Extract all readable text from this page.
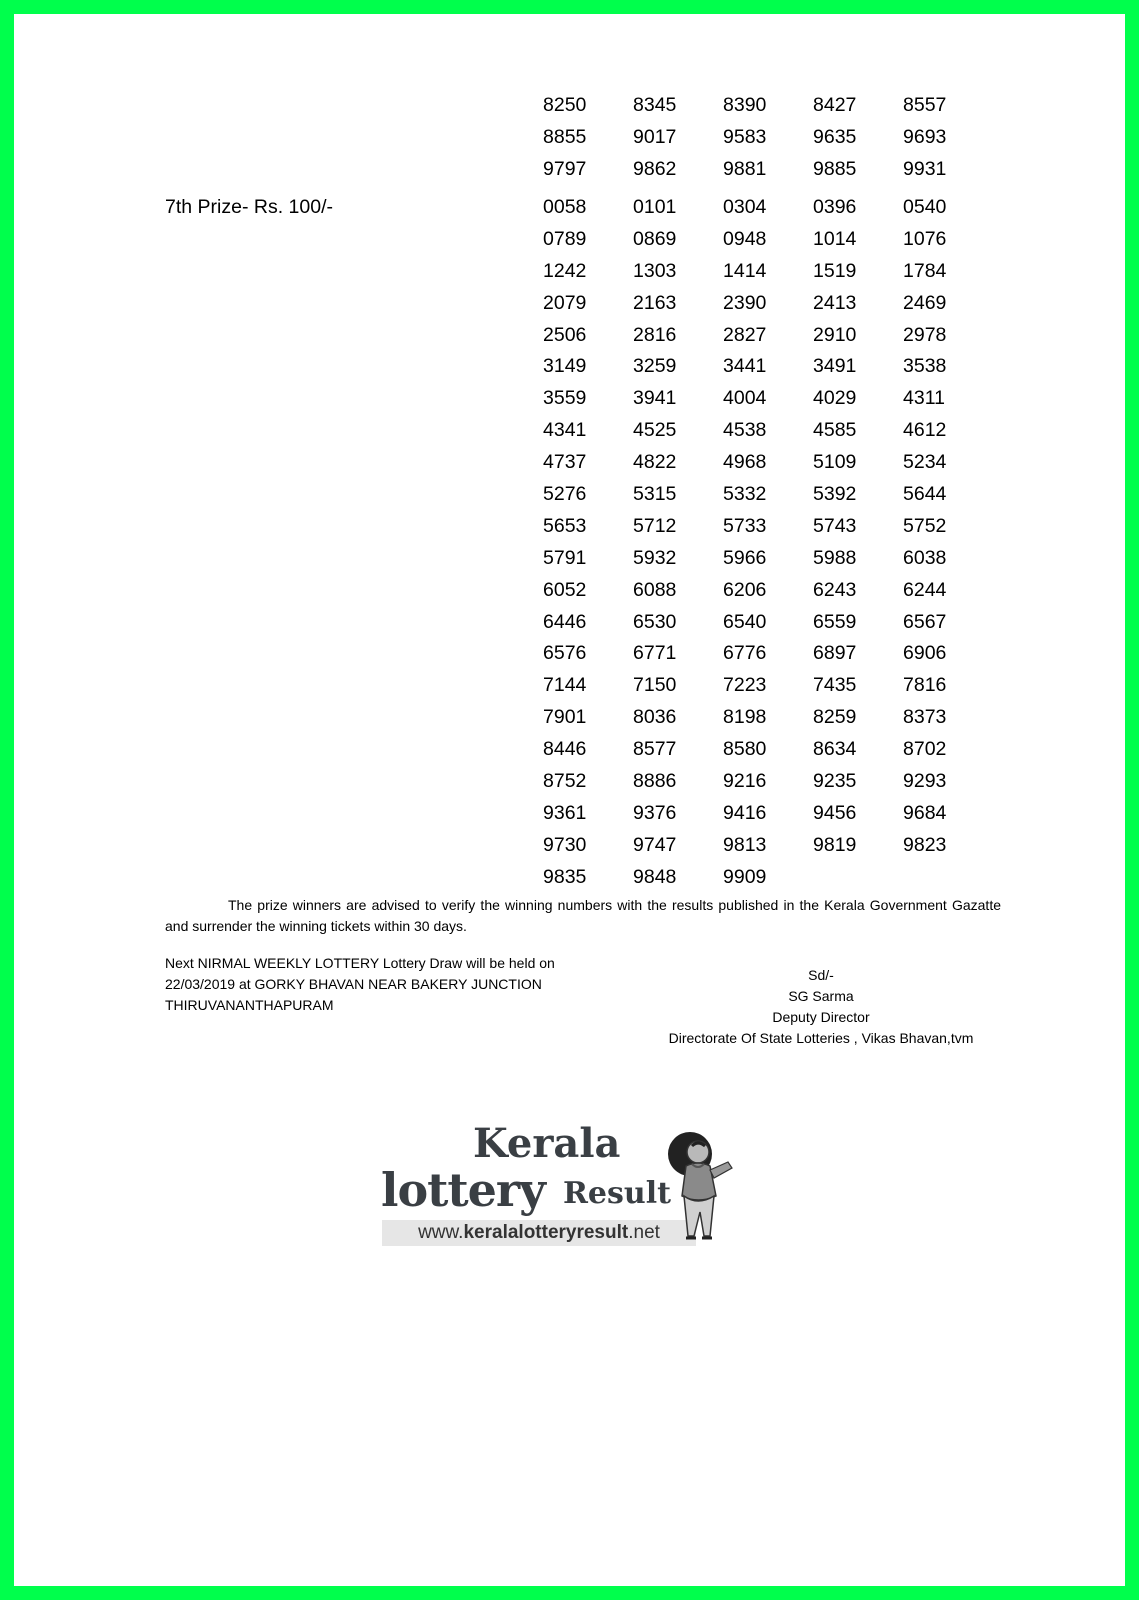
8250 8345 8390 8427 8557
8855 9017 9583 9635 9693
9797 9862 9881 9885 9931
7th Prize- Rs. 100/-	0058 0101 0304 0396 0540
0789 0869 0948 1014 1076
1242 1303 1414 1519 1784
2079 2163 2390 2413 2469
2506 2816 2827 2910 2978
3149 3259 3441 3491 3538
3559 3941 4004 4029 4311
4341 4525 4538 4585 4612
4737 4822 4968 5109 5234
5276 5315 5332 5392 5644
5653 5712 5733 5743 5752
5791 5932 5966 5988 6038
6052 6088 6206 6243 6244
6446 6530 6540 6559 6567
6576 6771 6776 6897 6906
7144 7150 7223 7435 7816
7901 8036 8198 8259 8373
8446 8577 8580 8634 8702
8752 8886 9216 9235 9293
9361 9376 9416 9456 9684
9730 9747 9813 9819 9823
9835 9848 9909
The prize winners are advised to verify the winning numbers with the results published in the Kerala Government Gazatte and surrender the winning tickets within 30 days.
Next NIRMAL WEEKLY LOTTERY Lottery Draw will be held on
22/03/2019 at GORKY BHAVAN NEAR BAKERY JUNCTION
THIRUVANANTHAPURAM
Sd/-
SG Sarma
Deputy Director
Directorate Of State Lotteries , Vikas Bhavan,tvm
Kerala
lottery Result
www.keralalotteryresult.net
